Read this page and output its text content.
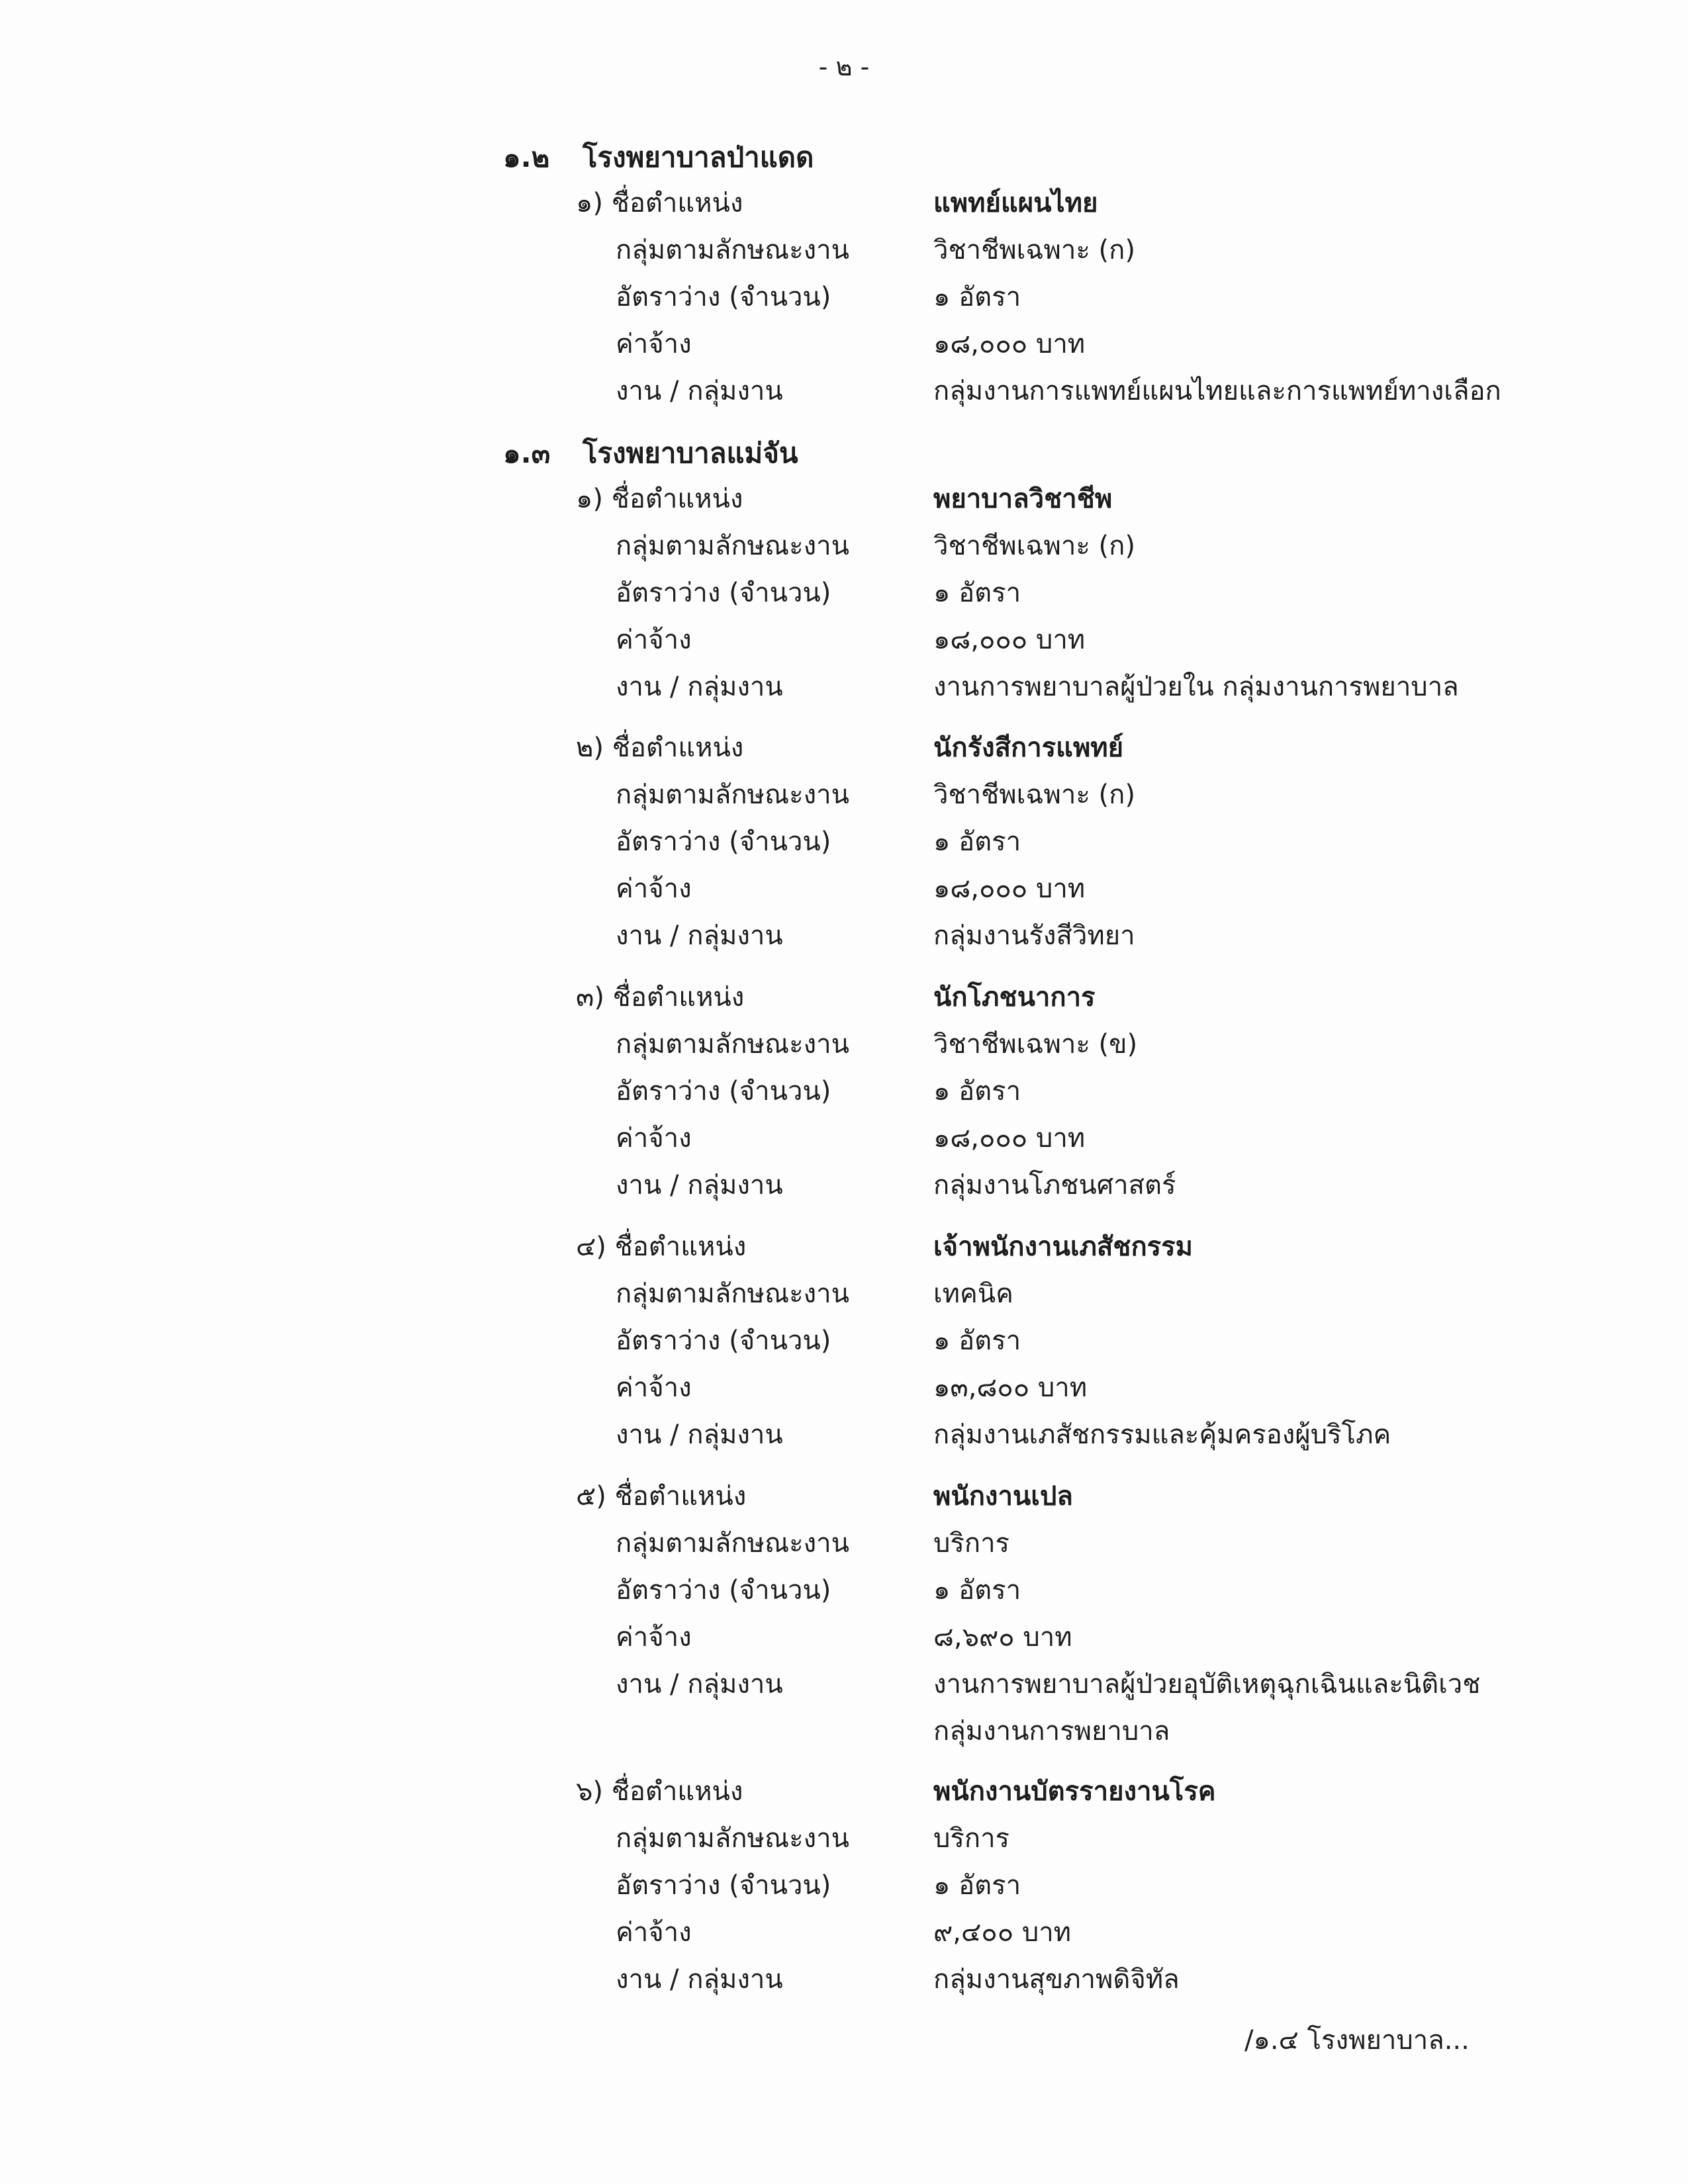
- ๒ -
๑.๒ โรงพยาบาลป่าแดด
๑) ชื่อตำแหน่ง	แพทย์แผนไทย
กลุ่มตามลักษณะงาน	วิชาชีพเฉพาะ (ก)
อัตราว่าง (จำนวน)	๑ อัตรา
ค่าจ้าง	๑๘,๐๐๐ บาท
งาน / กลุ่มงาน	กลุ่มงานการแพทย์แผนไทยและการแพทย์ทางเลือก
๑.๓ โรงพยาบาลแม่จัน
๑) ชื่อตำแหน่ง	พยาบาลวิชาชีพ
กลุ่มตามลักษณะงาน	วิชาชีพเฉพาะ (ก)
อัตราว่าง (จำนวน)	๑ อัตรา
ค่าจ้าง	๑๘,๐๐๐ บาท
งาน / กลุ่มงาน	งานการพยาบาลผู้ป่วยใน กลุ่มงานการพยาบาล
๒) ชื่อตำแหน่ง	นักรังสีการแพทย์
กลุ่มตามลักษณะงาน	วิชาชีพเฉพาะ (ก)
อัตราว่าง (จำนวน)	๑ อัตรา
ค่าจ้าง	๑๘,๐๐๐ บาท
งาน / กลุ่มงาน	กลุ่มงานรังสีวิทยา
๓) ชื่อตำแหน่ง	นักโภชนาการ
กลุ่มตามลักษณะงาน	วิชาชีพเฉพาะ (ข)
อัตราว่าง (จำนวน)	๑ อัตรา
ค่าจ้าง	๑๘,๐๐๐ บาท
งาน / กลุ่มงาน	กลุ่มงานโภชนศาสตร์
๔) ชื่อตำแหน่ง	เจ้าพนักงานเภสัชกรรม
กลุ่มตามลักษณะงาน	เทคนิค
อัตราว่าง (จำนวน)	๑ อัตรา
ค่าจ้าง	๑๓,๘๐๐ บาท
งาน / กลุ่มงาน	กลุ่มงานเภสัชกรรมและคุ้มครองผู้บริโภค
๕) ชื่อตำแหน่ง	พนักงานเปล
กลุ่มตามลักษณะงาน	บริการ
อัตราว่าง (จำนวน)	๑ อัตรา
ค่าจ้าง	๘,๖๙๐ บาท
งาน / กลุ่มงาน	งานการพยาบาลผู้ป่วยอุบัติเหตุฉุกเฉินและนิติเวช
กลุ่มงานการพยาบาล
๖) ชื่อตำแหน่ง	พนักงานบัตรรายงานโรค
กลุ่มตามลักษณะงาน	บริการ
อัตราว่าง (จำนวน)	๑ อัตรา
ค่าจ้าง	๙,๔๐๐ บาท
งาน / กลุ่มงาน	กลุ่มงานสุขภาพดิจิทัล
/๑.๔ โรงพยาบาล...
